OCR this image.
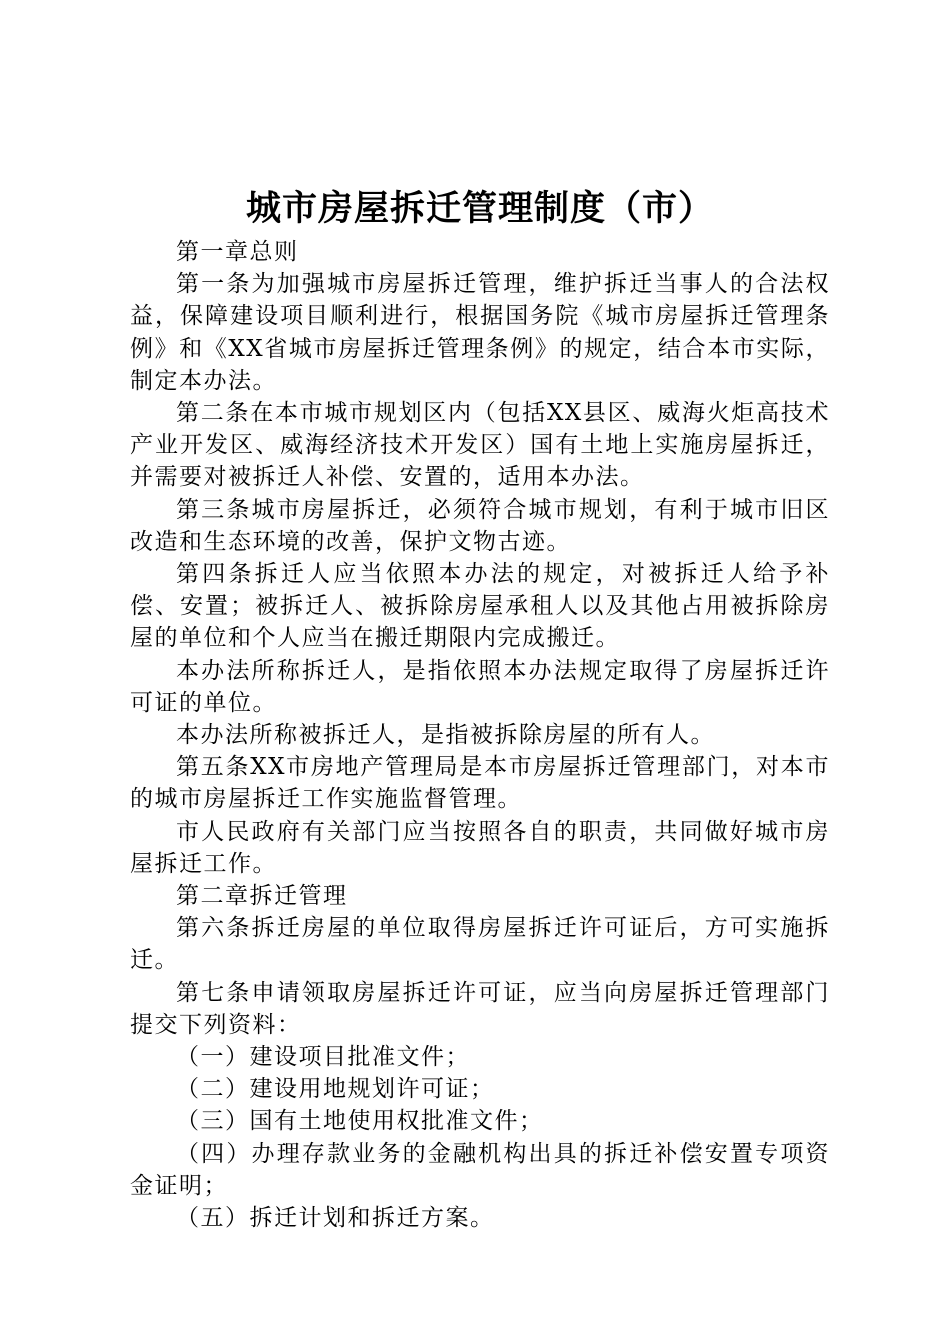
城市房屋拆迁管理制度（市）

第一章总则

第一条为加强城市房屋拆迁管理，维护拆迁当事人的合法权益，保障建设项目顺利进行，根据国务院《城市房屋拆迁管理条例》和《XX省城市房屋拆迁管理条例》的规定，结合本市实际，制定本办法。

第二条在本市城市规划区内（包括XX县区、威海火炬高技术产业开发区、威海经济技术开发区）国有土地上实施房屋拆迁，并需要对被拆迁人补偿、安置的，适用本办法。

第三条城市房屋拆迁，必须符合城市规划，有利于城市旧区改造和生态环境的改善，保护文物古迹。

第四条拆迁人应当依照本办法的规定，对被拆迁人给予补偿、安置；被拆迁人、被拆除房屋承租人以及其他占用被拆除房屋的单位和个人应当在搬迁期限内完成搬迁。

本办法所称拆迁人，是指依照本办法规定取得了房屋拆迁许可证的单位。

本办法所称被拆迁人，是指被拆除房屋的所有人。

第五条XX市房地产管理局是本市房屋拆迁管理部门，对本市的城市房屋拆迁工作实施监督管理。

市人民政府有关部门应当按照各自的职责，共同做好城市房屋拆迁工作。

第二章拆迁管理

第六条拆迁房屋的单位取得房屋拆迁许可证后，方可实施拆迁。

第七条申请领取房屋拆迁许可证，应当向房屋拆迁管理部门提交下列资料：

（一）建设项目批准文件；

（二）建设用地规划许可证；

（三）国有土地使用权批准文件；

（四）办理存款业务的金融机构出具的拆迁补偿安置专项资金证明；

（五）拆迁计划和拆迁方案。
